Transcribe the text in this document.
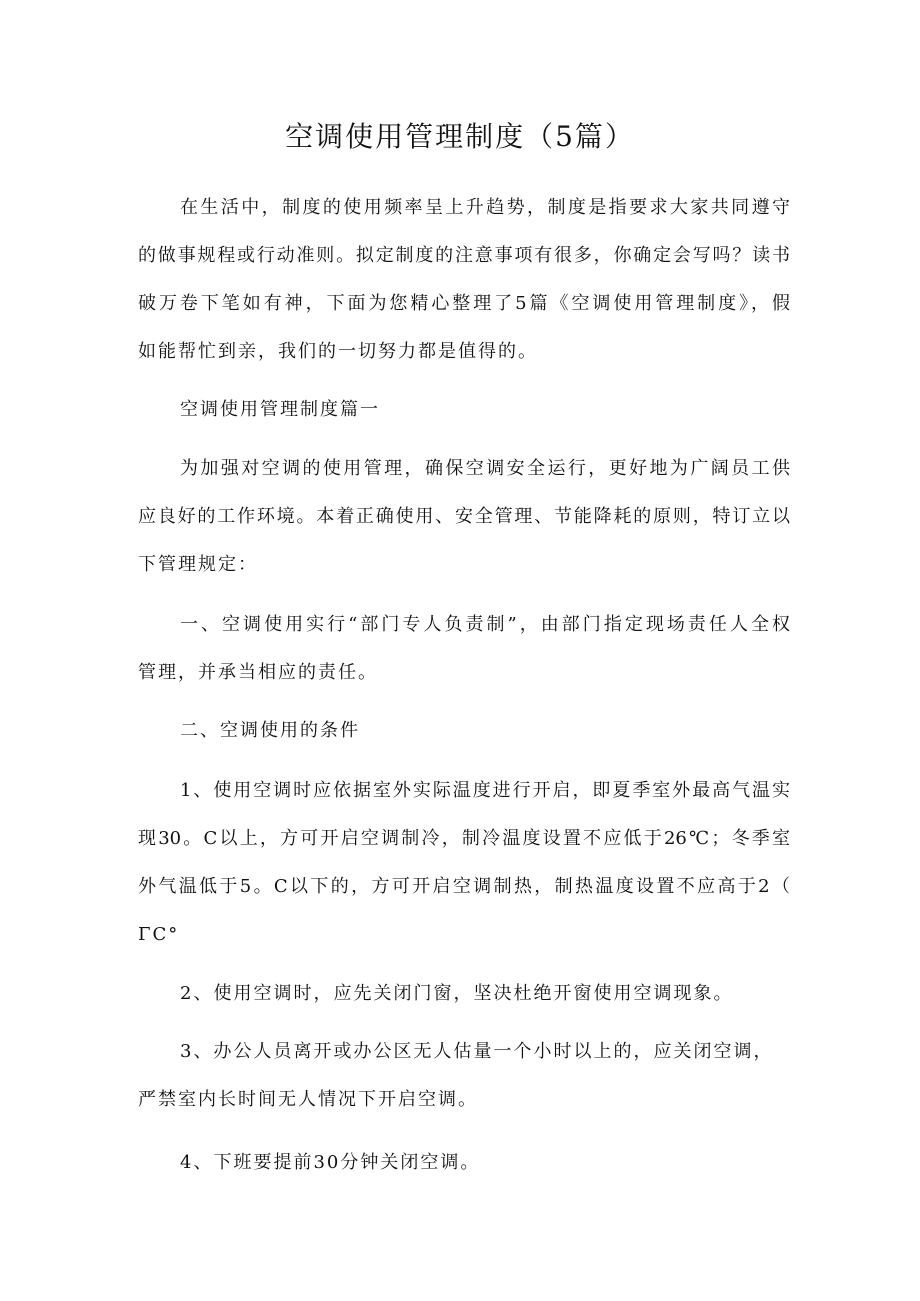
空调使用管理制度（5篇）
在生活中，制度的使用频率呈上升趋势，制度是指要求大家共同遵守
的做事规程或行动准则。拟定制度的注意事项有很多，你确定会写吗？读书
破万卷下笔如有神，下面为您精心整理了5篇《空调使用管理制度》，假
如能帮忙到亲，我们的一切努力都是值得的。
空调使用管理制度篇一
为加强对空调的使用管理，确保空调安全运行，更好地为广阔员工供
应良好的工作环境。本着正确使用、安全管理、节能降耗的原则，特订立以
下管理规定：
一、空调使用实行“部门专人负责制”，由部门指定现场责任人全权
管理，并承当相应的责任。
二、空调使用的条件
1、使用空调时应依据室外实际温度进行开启，即夏季室外最高气温实
现30。C以上，方可开启空调制冷，制冷温度设置不应低于26℃；冬季室
外气温低于5。C以下的，方可开启空调制热，制热温度设置不应高于2（
ΓC°
2、使用空调时，应先关闭门窗，坚决杜绝开窗使用空调现象。
3、办公人员离开或办公区无人估量一个小时以上的，应关闭空调，
严禁室内长时间无人情况下开启空调。
4、下班要提前30分钟关闭空调。
